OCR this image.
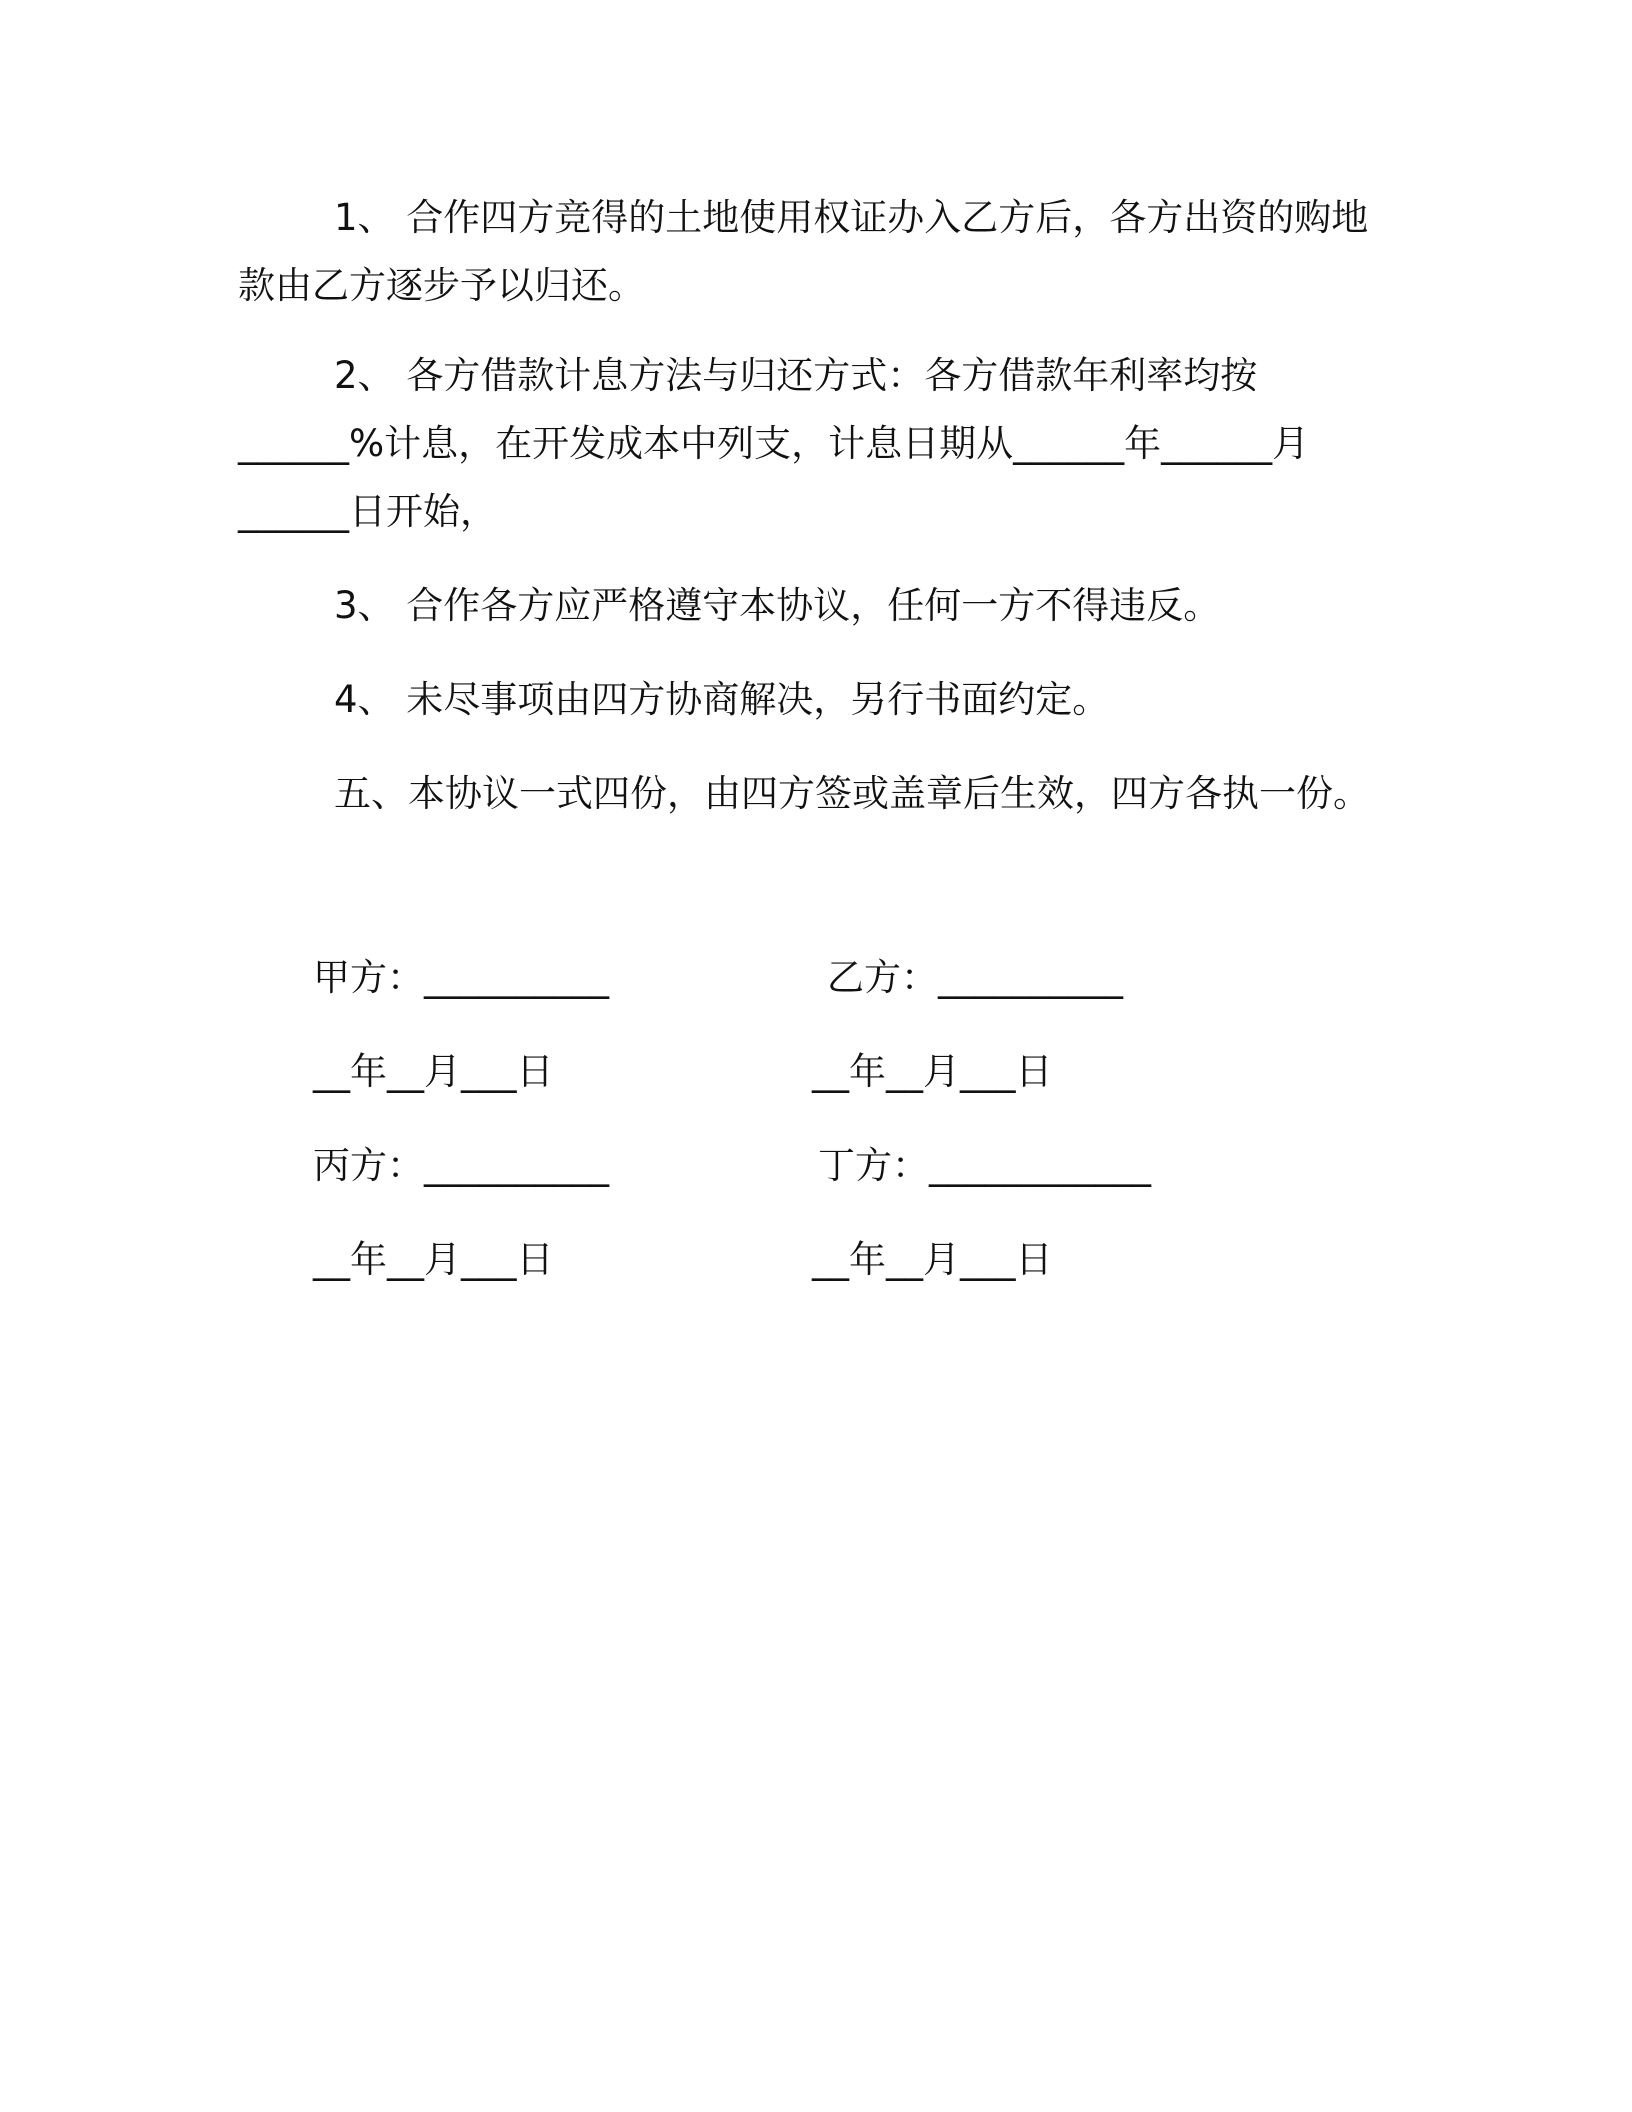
1、 合作四方竞得的土地使用权证办入乙方后，各方出资的购地
款由乙方逐步予以归还。
2、 各方借款计息方法与归还方式：各方借款年利率均按
______%计息，在开发成本中列支，计息日期从______年______月
______日开始，
3、 合作各方应严格遵守本协议，任何一方不得违反。
4、 未尽事项由四方协商解决，另行书面约定。
五、本协议一式四份，由四方签或盖章后生效，四方各执一份。
甲方：__________	乙方：__________
__年__月___日	__年__月___日
丙方：__________	丁方：____________
__年__月___日	__年__月___日
